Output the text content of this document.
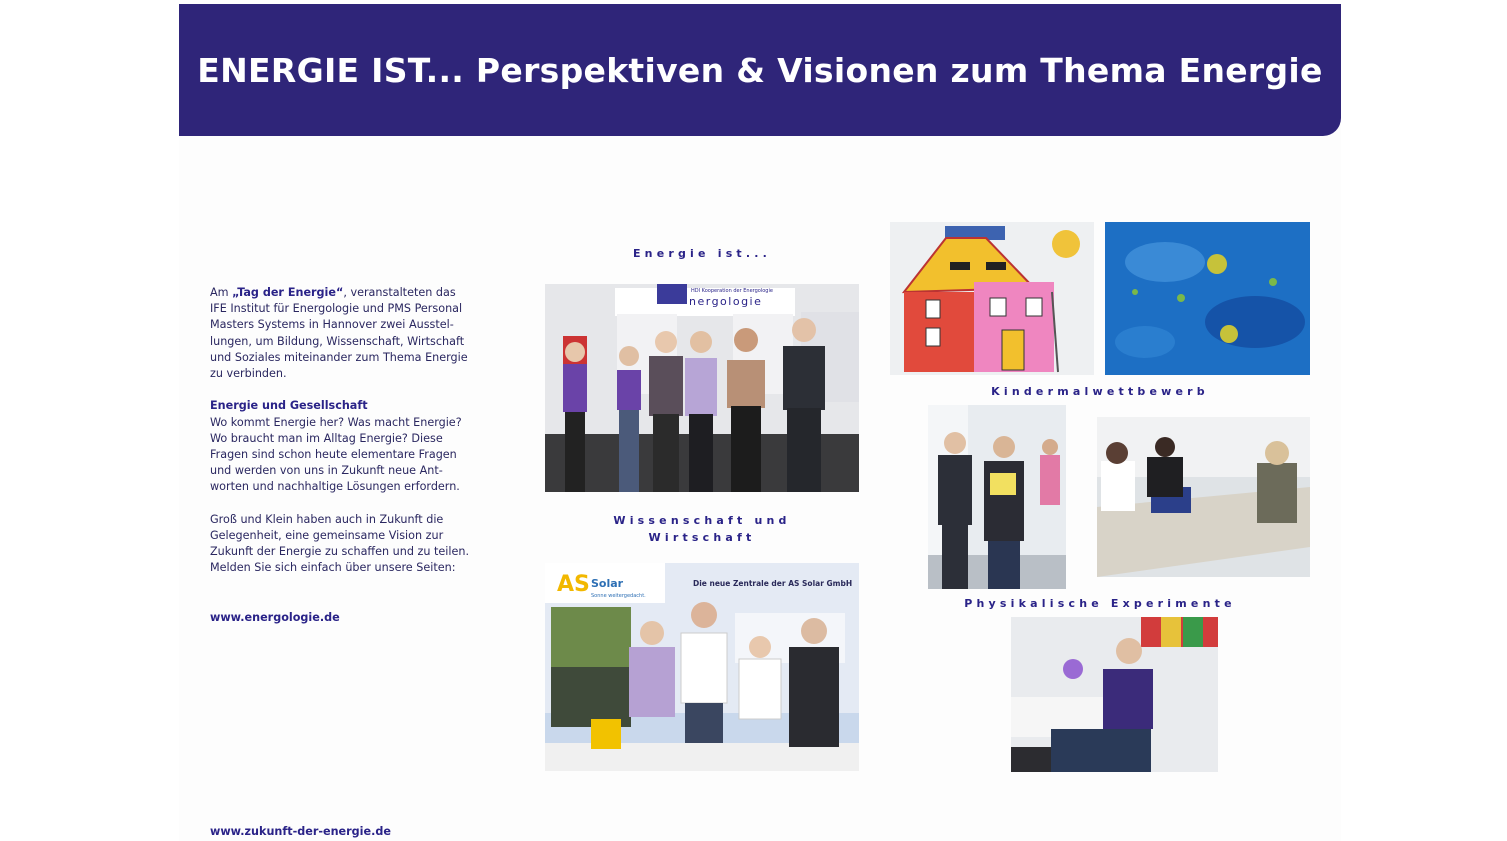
ENERGIE IST... Perspektiven & Visionen zum Thema Energie

Am „Tag der Energie“, veranstalteten das IFE Institut für Energologie und PMS Personal Masters Systems in Hannover zwei Ausstel-lungen, um Bildung, Wissenschaft, Wirtschaft und Soziales miteinander zum Thema Energie zu verbinden.

Energie und Gesellschaft
Wo kommt Energie her? Was macht Energie? Wo braucht man im Alltag Energie? Diese Fragen sind schon heute elementare Fragen und werden von uns in Zukunft neue Ant-worten und nachhaltige Lösungen erfordern.

Groß und Klein haben auch in Zukunft die Gelegenheit, eine gemeinsame Vision zur Zukunft der Energie zu schaffen und zu teilen. Melden Sie sich einfach über unsere Seiten:

www.energologie.de
www.zukunft-der-energie.de
Energie ist...
HDI Kooperation der Energologie
nergologie
Wissenschaft und
Wirtschaft
AS Solar
Sonne weitergedacht.
Die neue Zentrale der AS Solar GmbH
Kindermalwettbewerb
Physikalische Experimente
